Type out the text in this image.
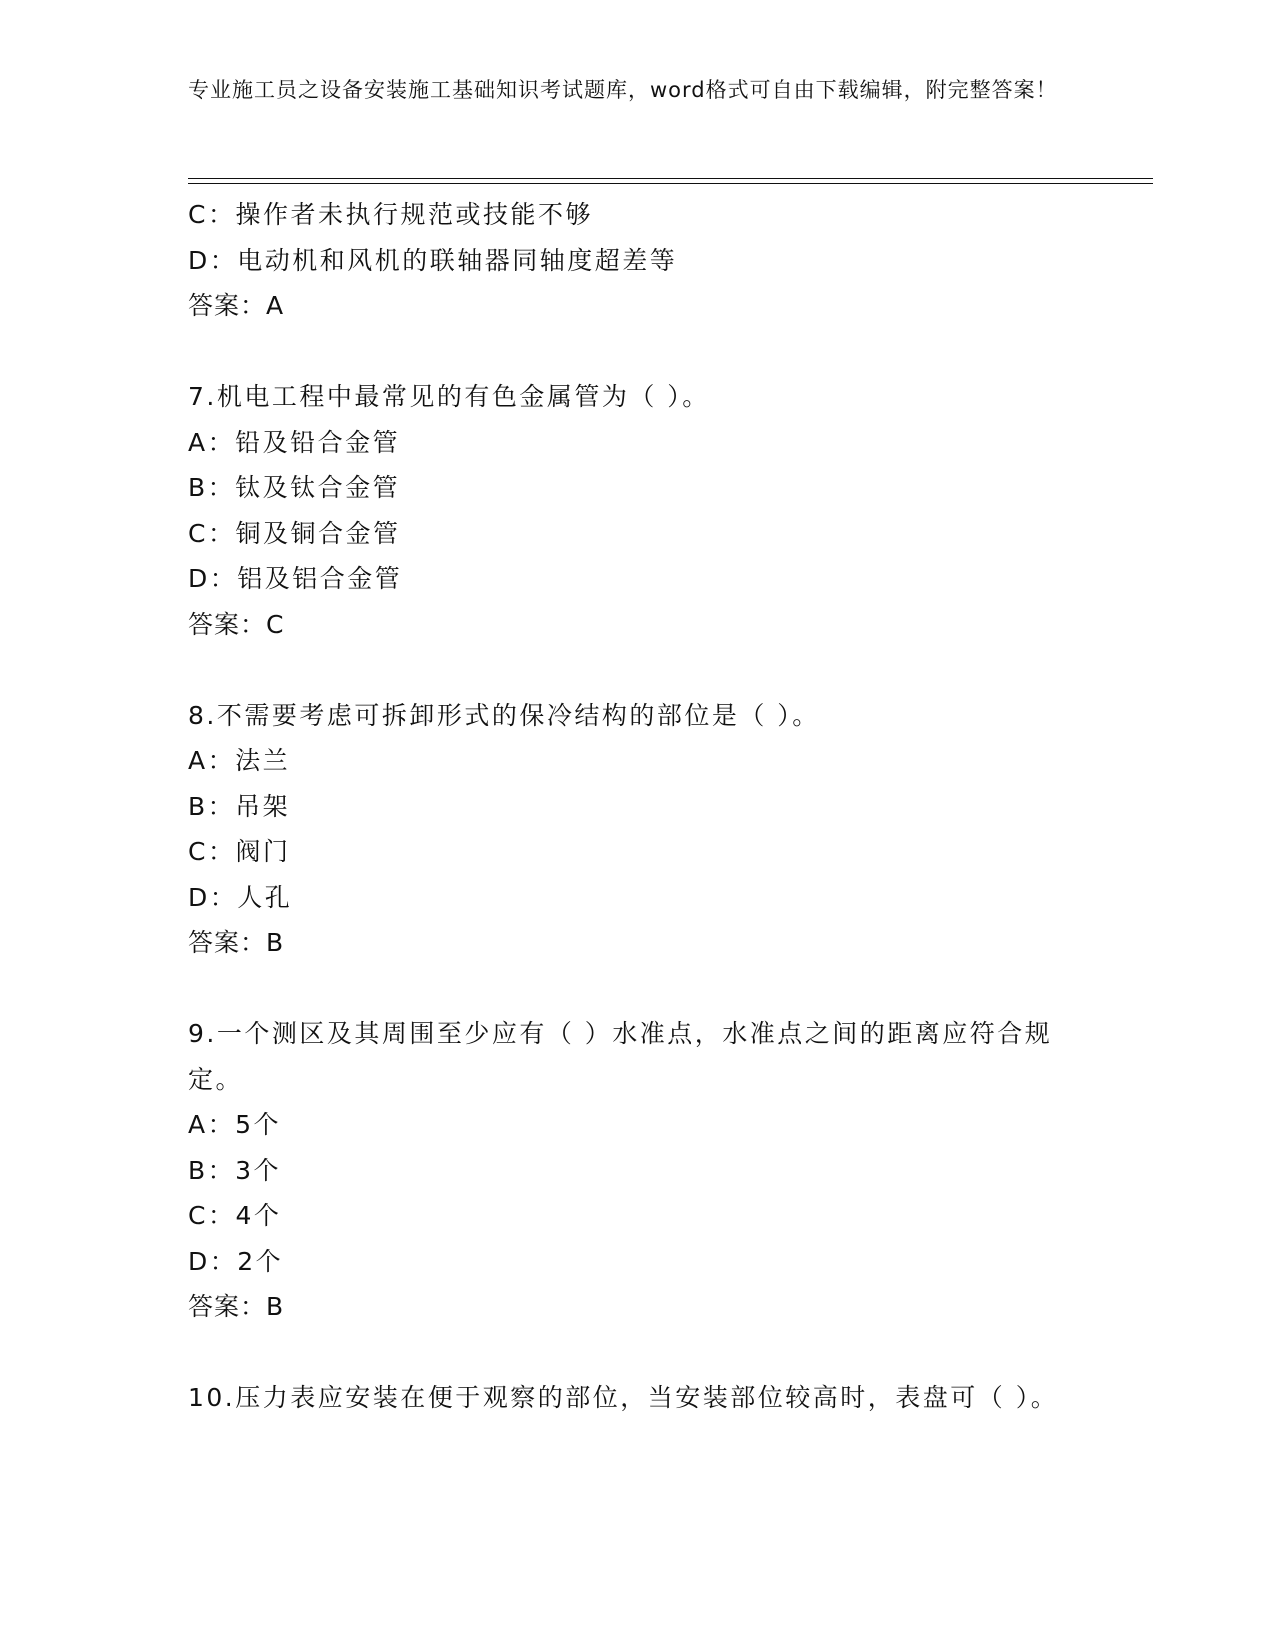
专业施工员之设备安装施工基础知识考试题库，word格式可自由下载编辑，附完整答案！
C：操作者未执行规范或技能不够
D：电动机和风机的联轴器同轴度超差等
答案：A
7.机电工程中最常见的有色金属管为（ ）。
A：铅及铅合金管
B：钛及钛合金管
C：铜及铜合金管
D：铝及铝合金管
答案：C
8.不需要考虑可拆卸形式的保冷结构的部位是（ ）。
A：法兰
B：吊架
C：阀门
D：人孔
答案：B
9.一个测区及其周围至少应有（ ）水准点，水准点之间的距离应符合规定。
A：5个
B：3个
C：4个
D：2个
答案：B
10.压力表应安装在便于观察的部位，当安装部位较高时，表盘可（ ）。
